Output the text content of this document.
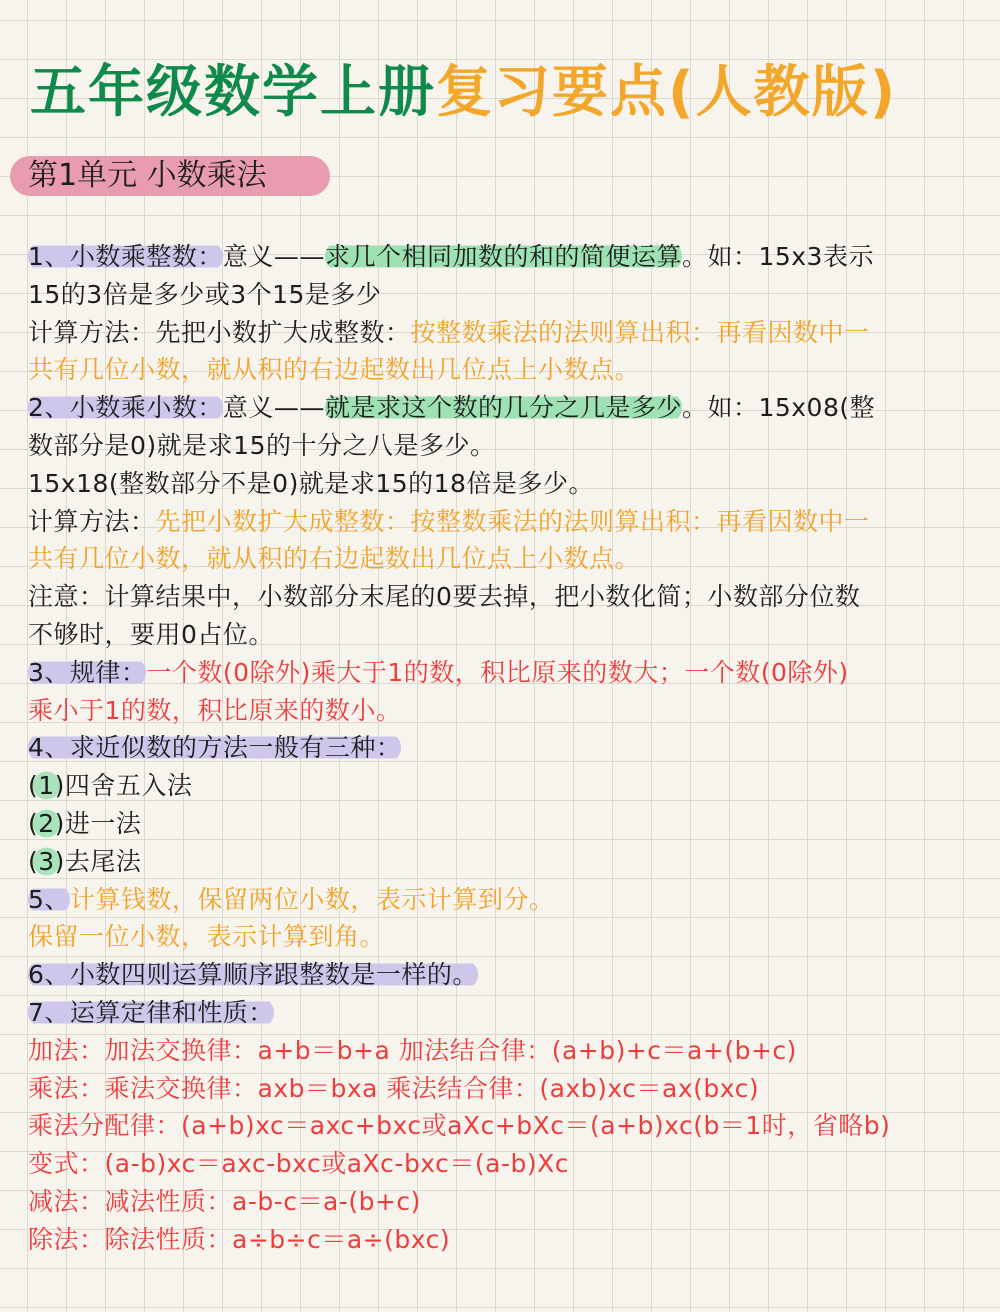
五年级数学上册复习要点(人教版)
第1单元 小数乘法
1、小数乘整数：意义——求几个相同加数的和的简便运算。如：15x3表示
15的3倍是多少或3个15是多少
计算方法：先把小数扩大成整数：按整数乘法的法则算出积：再看因数中一
共有几位小数，就从积的右边起数出几位点上小数点。
2、小数乘小数：意义——就是求这个数的几分之几是多少。如：15x08(整
数部分是0)就是求15的十分之八是多少。
15x18(整数部分不是0)就是求15的18倍是多少。
计算方法：先把小数扩大成整数：按整数乘法的法则算出积：再看因数中一
共有几位小数，就从积的右边起数出几位点上小数点。
注意：计算结果中，小数部分末尾的0要去掉，把小数化简；小数部分位数
不够时，要用0占位。
3、规律：一个数(0除外)乘大于1的数，积比原来的数大；一个数(0除外)
乘小于1的数，积比原来的数小。
4、求近似数的方法一般有三种：
(1)四舍五入法
(2)进一法
(3)去尾法
5、计算钱数，保留两位小数，表示计算到分。
保留一位小数，表示计算到角。
6、小数四则运算顺序跟整数是一样的。
7、运算定律和性质：
加法：加法交换律：a+b＝b+a 加法结合律：(a+b)+c＝a+(b+c)
乘法：乘法交换律：axb＝bxa 乘法结合律：(axb)xc＝ax(bxc)
乘法分配律：(a+b)xc＝axc+bxc或aXc+bXc＝(a+b)xc(b＝1时，省略b)
变式：(a-b)xc＝axc-bxc或aXc-bxc＝(a-b)Xc
减法：减法性质：a-b-c＝a-(b+c)
除法：除法性质：a÷b÷c＝a÷(bxc)
